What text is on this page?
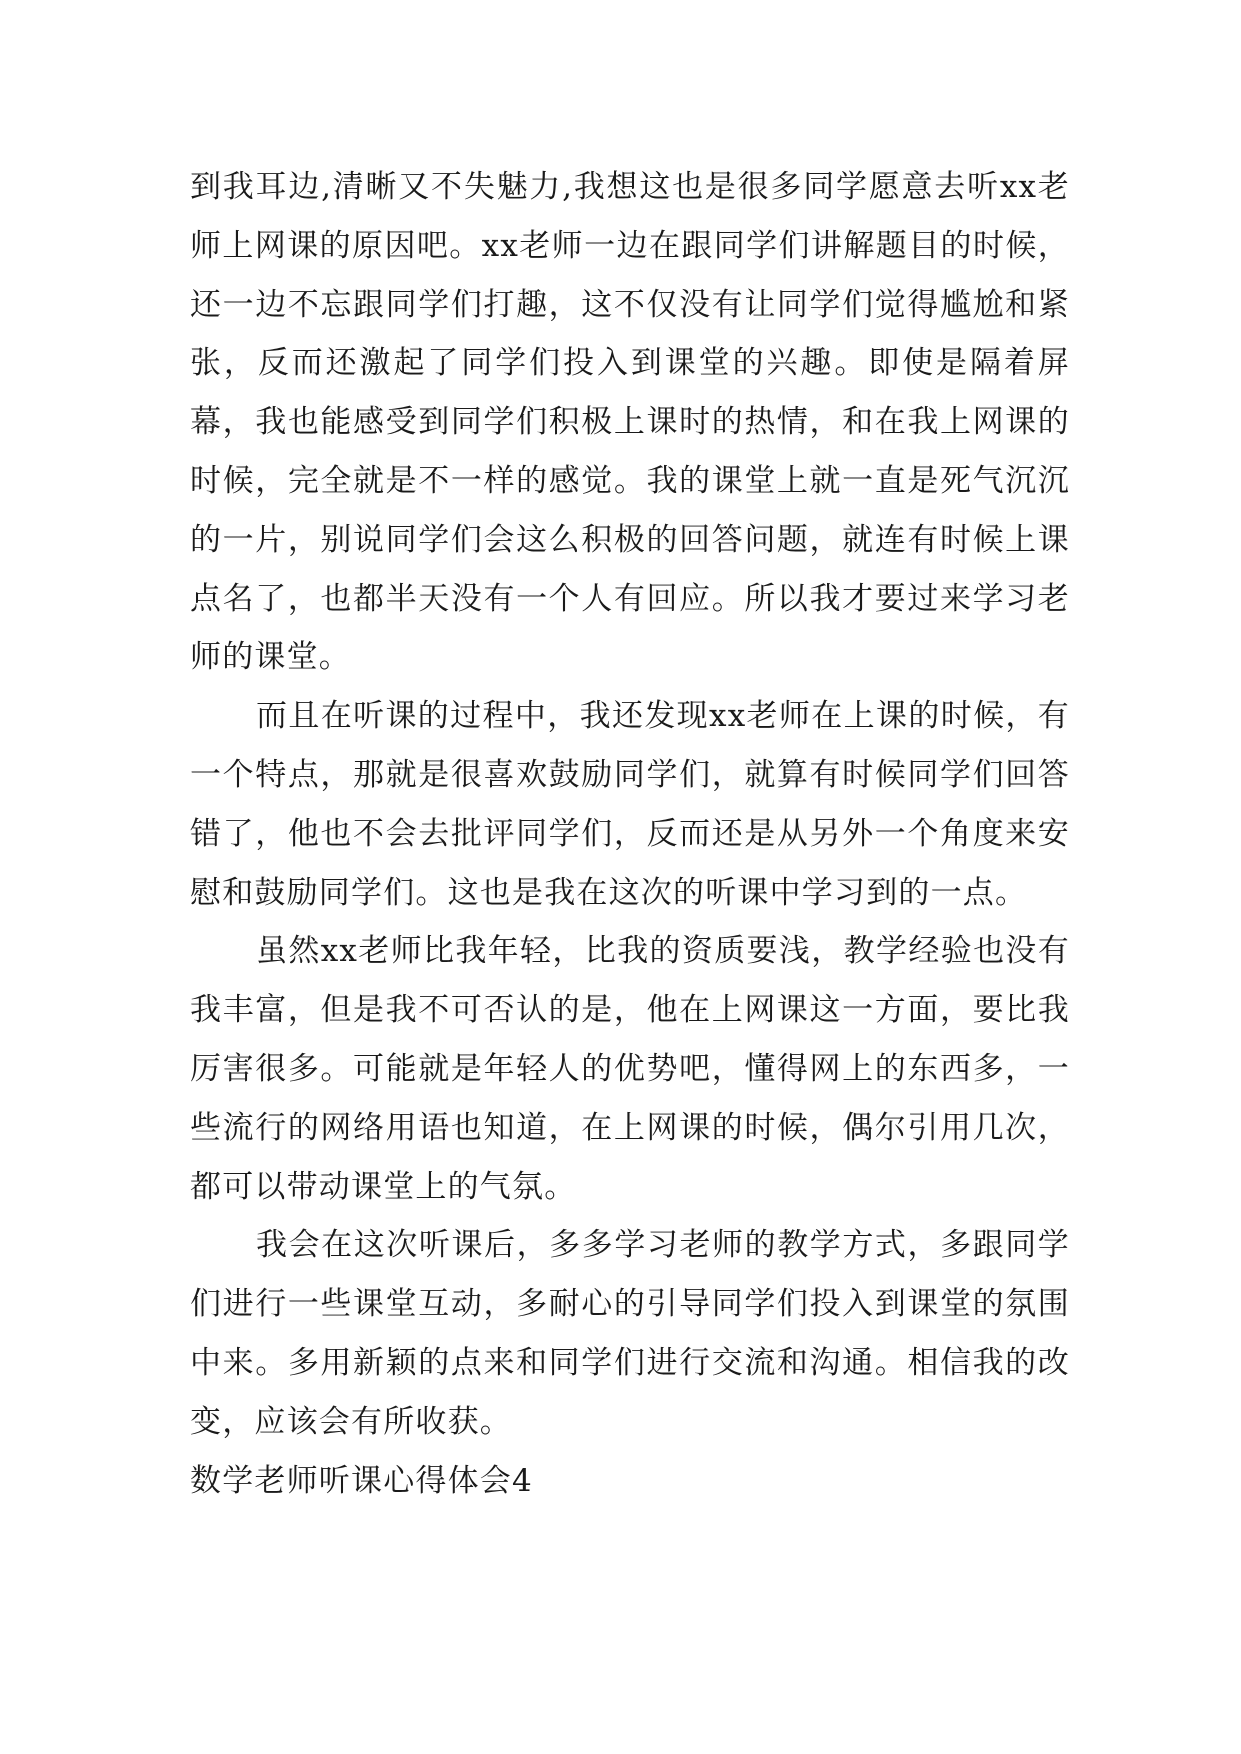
到我耳边,清晰又不失魅力,我想这也是很多同学愿意去听xx老师上网课的原因吧。xx老师一边在跟同学们讲解题目的时候，还一边不忘跟同学们打趣，这不仅没有让同学们觉得尴尬和紧张，反而还激起了同学们投入到课堂的兴趣。即使是隔着屏幕，我也能感受到同学们积极上课时的热情，和在我上网课的时候，完全就是不一样的感觉。我的课堂上就一直是死气沉沉的一片，别说同学们会这么积极的回答问题，就连有时候上课点名了，也都半天没有一个人有回应。所以我才要过来学习老师的课堂。

而且在听课的过程中，我还发现xx老师在上课的时候，有一个特点，那就是很喜欢鼓励同学们，就算有时候同学们回答错了，他也不会去批评同学们，反而还是从另外一个角度来安慰和鼓励同学们。这也是我在这次的听课中学习到的一点。

虽然xx老师比我年轻，比我的资质要浅，教学经验也没有我丰富，但是我不可否认的是，他在上网课这一方面，要比我厉害很多。可能就是年轻人的优势吧，懂得网上的东西多，一些流行的网络用语也知道，在上网课的时候，偶尔引用几次，都可以带动课堂上的气氛。

我会在这次听课后，多多学习老师的教学方式，多跟同学们进行一些课堂互动，多耐心的引导同学们投入到课堂的氛围中来。多用新颖的点来和同学们进行交流和沟通。相信我的改变，应该会有所收获。

数学老师听课心得体会4
